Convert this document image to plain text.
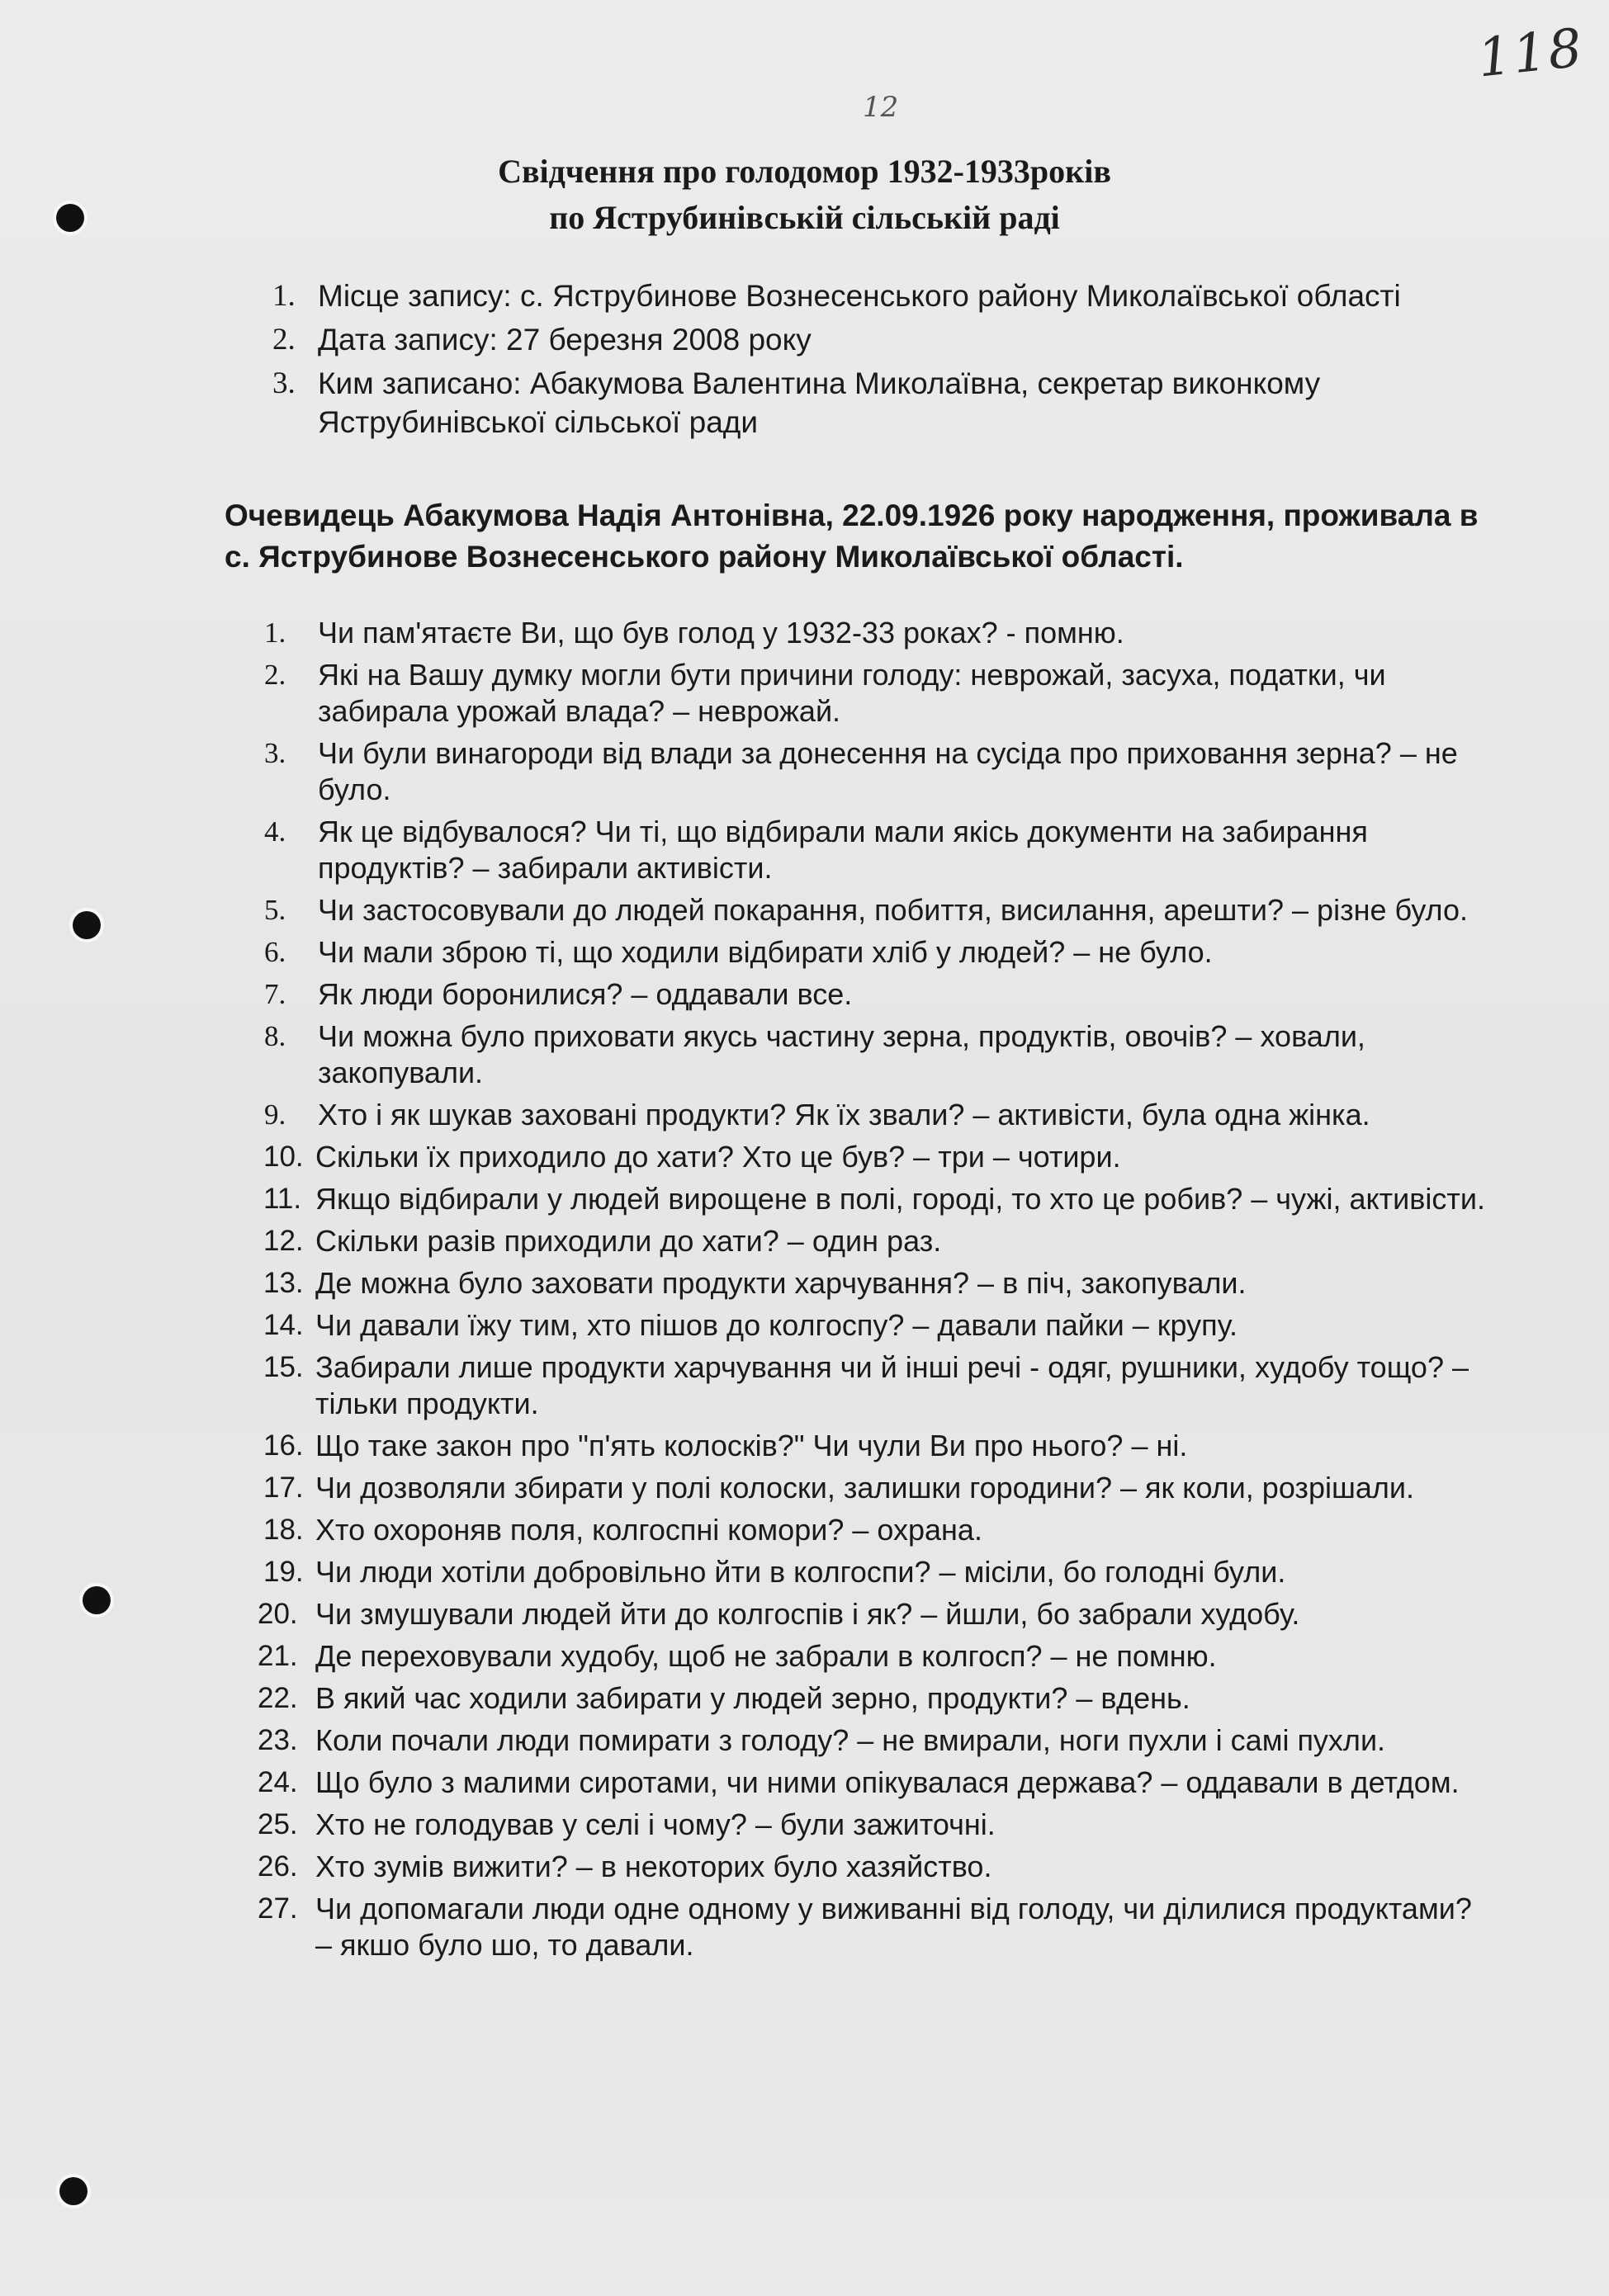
118
12
Свідчення про голодомор 1932-1933років
по Яструбинівській сільській раді
1. Місце запису: с. Яструбинове Вознесенського району Миколаївської області
2. Дата запису: 27 березня 2008 року
3. Ким записано: Абакумова Валентина Миколаївна, секретар виконкому Яструбинівської сільської ради
Очевидець Абакумова Надія Антонівна, 22.09.1926 року народження, проживала в с. Яструбинове Вознесенського району Миколаївської області.
1. Чи пам'ятаєте Ви, що був голод у 1932-33 роках? - помню.
2. Які на Вашу думку могли бути причини голоду: неврожай, засуха, податки, чи забирала урожай влада? – неврожай.
3. Чи були винагороди від влади за донесення на сусіда про приховання зерна? – не було.
4. Як це відбувалося? Чи ті, що відбирали мали якісь документи на забирання продуктів? – забирали активісти.
5. Чи застосовували до людей покарання, побиття, висилання, арешти? – різне було.
6. Чи мали зброю ті, що ходили відбирати хліб у людей? – не було.
7. Як люди боронилися? – оддавали все.
8. Чи можна було приховати якусь частину зерна, продуктів, овочів? – ховали, закопували.
9. Хто і як шукав заховані продукти? Як їх звали? – активісти, була одна жінка.
10. Скільки їх приходило до хати? Хто це був? – три – чотири.
11. Якщо відбирали у людей вирощене в полі, городі, то хто це робив? – чужі, активісти.
12. Скільки разів приходили до хати? – один раз.
13. Де можна було заховати продукти харчування? – в піч, закопували.
14. Чи давали їжу тим, хто пішов до колгоспу? – давали пайки – крупу.
15. Забирали лише продукти харчування чи й інші речі - одяг, рушники, худобу тощо? – тільки продукти.
16. Що таке закон про "п'ять колосків?" Чи чули Ви про нього? – ні.
17. Чи дозволяли збирати у полі колоски, залишки городини? – як коли, розрішали.
18. Хто охороняв поля, колгоспні комори? – охрана.
19. Чи люди хотіли добровільно йти в колгоспи? – місіли, бо голодні були.
20. Чи змушували людей йти до колгоспів і як? – йшли, бо забрали худобу.
21. Де переховували худобу, щоб не забрали в колгосп? – не помню.
22. В який час ходили забирати у людей зерно, продукти? – вдень.
23. Коли почали люди помирати з голоду? – не вмирали, ноги пухли і самі пухли.
24. Що було з малими сиротами, чи ними опікувалася держава? – оддавали в детдом.
25. Хто не голодував у селі і чому? – були зажиточні.
26. Хто зумів вижити? – в некоторих було хазяйство.
27. Чи допомагали люди одне одному у виживанні від голоду, чи ділилися продуктами? – якшо було шо, то давали.
